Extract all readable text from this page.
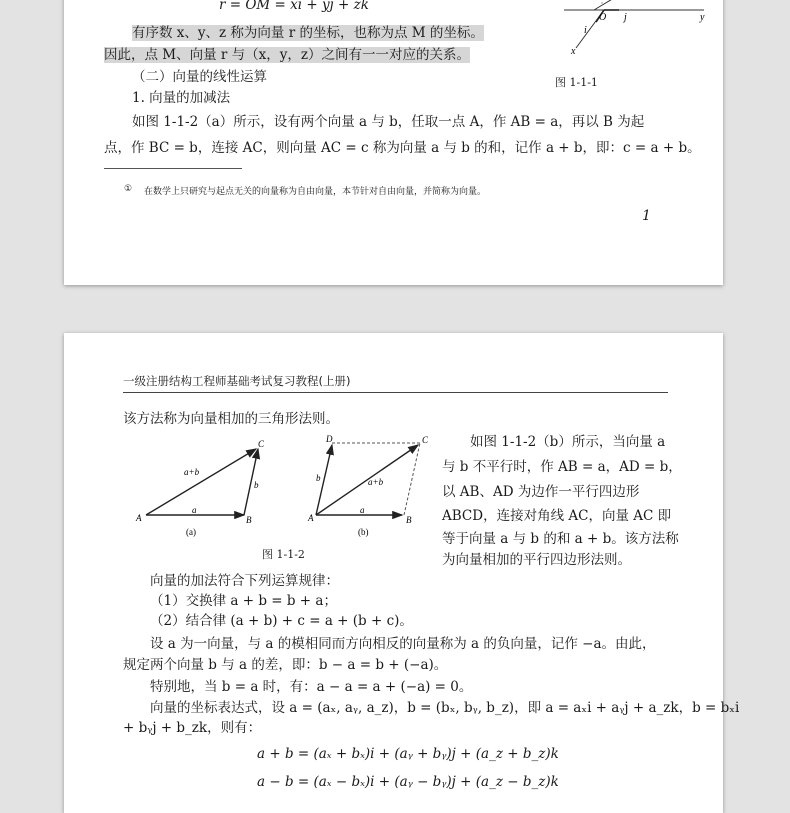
r = OM = xi + yj + zk
有序数 x、y、z 称为向量 r 的坐标，也称为点 M 的坐标。
因此，点 M、向量 r 与（x，y，z）之间有一一对应的关系。
（二）向量的线性运算
1. 向量的加减法
如图 1-1-2（a）所示，设有两个向量 a 与 b，任取一点 A，作 AB = a，再以 B 为起
点，作 BC = b，连接 AC，则向量 AC = c 称为向量 a 与 b 的和，记作 a + b，即：c = a + b。
O j	y
i
x
图 1-1-1
① 在数学上只研究与起点无关的向量称为自由向量，本节针对自由向量，并简称为向量。
1
一级注册结构工程师基础考试复习教程(上册)
该方法称为向量相加的三角形法则。
A	B
C
a+b
a
b
(a)
A	B
C
D
a+b
a
b
(b)
图 1-1-2
如图 1-1-2（b）所示，当向量 a
与 b 不平行时，作 AB = a，AD = b，
以 AB、AD 为边作一平行四边形
ABCD，连接对角线 AC，向量 AC 即
等于向量 a 与 b 的和 a + b。该方法称
为向量相加的平行四边形法则。
向量的加法符合下列运算规律：
（1）交换律 a + b = b + a；
（2）结合律 (a + b) + c = a + (b + c)。
设 a 为一向量，与 a 的模相同而方向相反的向量称为 a 的负向量，记作 −a。由此，
规定两个向量 b 与 a 的差，即：b − a = b + (−a)。
特别地，当 b = a 时，有：a − a = a + (−a) = 0。
向量的坐标表达式，设 a = (aₓ, aᵧ, a_z)，b = (bₓ, bᵧ, b_z)，即 a = aₓi + aᵧj + a_zk，b = bₓi
+ bᵧj + b_zk，则有：
a + b = (aₓ + bₓ)i + (aᵧ + bᵧ)j + (a_z + b_z)k
a − b = (aₓ − bₓ)i + (aᵧ − bᵧ)j + (a_z − b_z)k
